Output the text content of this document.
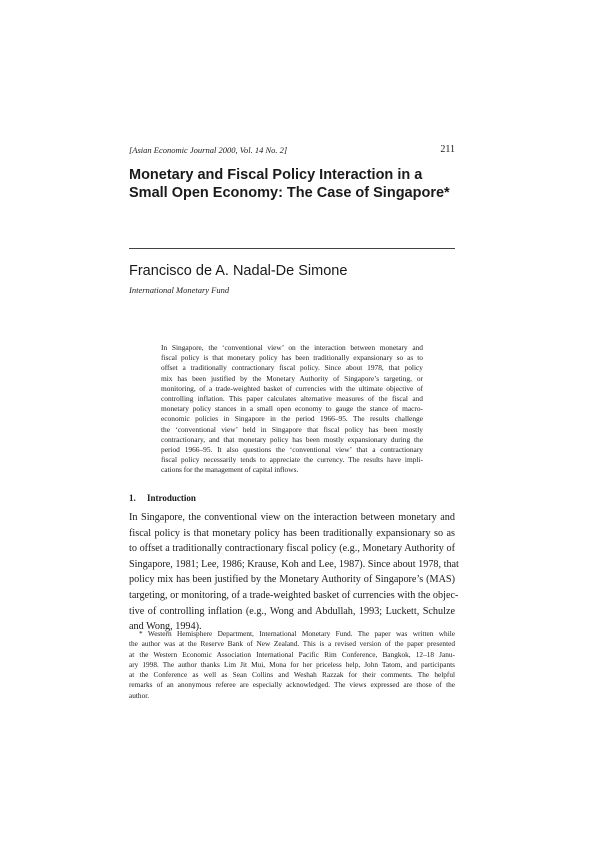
[Asian Economic Journal 2000, Vol. 14 No. 2]	211
Monetary and Fiscal Policy Interaction in a
Small Open Economy: The Case of Singapore*
Francisco de A. Nadal-De Simone
International Monetary Fund
In Singapore, the ‘conventional view’ on the interaction between monetary and
fiscal policy is that monetary policy has been traditionally expansionary so as to
offset a traditionally contractionary fiscal policy. Since about 1978, that policy
mix has been justified by the Monetary Authority of Singapore’s targeting, or
monitoring, of a trade-weighted basket of currencies with the ultimate objective of
controlling inflation. This paper calculates alternative measures of the fiscal and
monetary policy stances in a small open economy to gauge the stance of macro-
economic policies in Singapore in the period 1966–95. The results challenge
the ‘conventional view’ held in Singapore that fiscal policy has been mostly
contractionary, and that monetary policy has been mostly expansionary during the
period 1966–95. It also questions the ‘conventional view’ that a contractionary
fiscal policy necessarily tends to appreciate the currency. The results have impli-
cations for the management of capital inflows.
1. Introduction
In Singapore, the conventional view on the interaction between monetary and
fiscal policy is that monetary policy has been traditionally expansionary so as
to offset a traditionally contractionary fiscal policy (e.g., Monetary Authority of
Singapore, 1981; Lee, 1986; Krause, Koh and Lee, 1987). Since about 1978, that
policy mix has been justified by the Monetary Authority of Singapore’s (MAS)
targeting, or monitoring, of a trade-weighted basket of currencies with the objec-
tive of controlling inflation (e.g., Wong and Abdullah, 1993; Luckett, Schulze
and Wong, 1994).
* Western Hemisphere Department, International Monetary Fund. The paper was written while
the author was at the Reserve Bank of New Zealand. This is a revised version of the paper presented
at the Western Economic Association International Pacific Rim Conference, Bangkok, 12–18 Janu-
ary 1998. The author thanks Lim Jit Mui, Mona for her priceless help, John Tatom, and participants
at the Conference as well as Sean Collins and Weshah Razzak for their comments. The helpful
remarks of an anonymous referee are especially acknowledged. The views expressed are those of the
author.
